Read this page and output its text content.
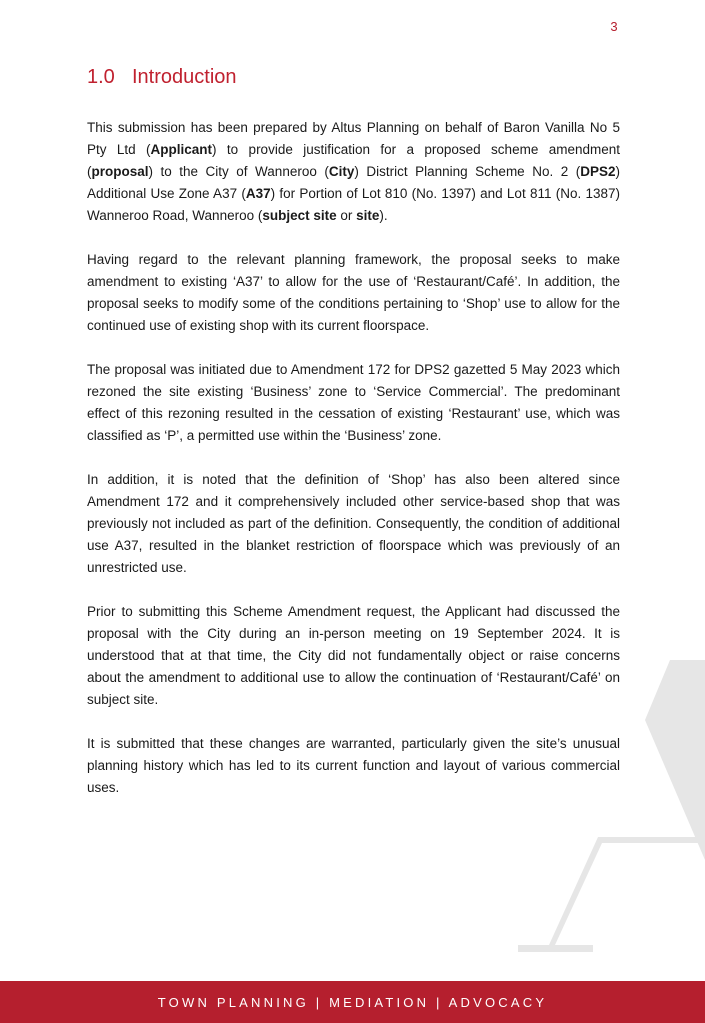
3
1.0 Introduction

This submission has been prepared by Altus Planning on behalf of Baron Vanilla No 5 Pty Ltd (Applicant) to provide justification for a proposed scheme amendment (proposal) to the City of Wanneroo (City) District Planning Scheme No. 2 (DPS2) Additional Use Zone A37 (A37) for Portion of Lot 810 (No. 1397) and Lot 811 (No. 1387) Wanneroo Road, Wanneroo (subject site or site).

Having regard to the relevant planning framework, the proposal seeks to make amendment to existing ‘A37’ to allow for the use of ‘Restaurant/Café’. In addition, the proposal seeks to modify some of the conditions pertaining to ‘Shop’ use to allow for the continued use of existing shop with its current floorspace.

The proposal was initiated due to Amendment 172 for DPS2 gazetted 5 May 2023 which rezoned the site existing ‘Business’ zone to ‘Service Commercial’. The predominant effect of this rezoning resulted in the cessation of existing ‘Restaurant’ use, which was classified as ‘P’, a permitted use within the ‘Business’ zone.

In addition, it is noted that the definition of ‘Shop’ has also been altered since Amendment 172 and it comprehensively included other service-based shop that was previously not included as part of the definition. Consequently, the condition of additional use A37, resulted in the blanket restriction of floorspace which was previously of an unrestricted use.

Prior to submitting this Scheme Amendment request, the Applicant had discussed the proposal with the City during an in-person meeting on 19 September 2024. It is understood that at that time, the City did not fundamentally object or raise concerns about the amendment to additional use to allow the continuation of ‘Restaurant/Café’ on subject site.

It is submitted that these changes are warranted, particularly given the site’s unusual planning history which has led to its current function and layout of various commercial uses.

TOWN PLANNING | MEDIATION | ADVOCACY
